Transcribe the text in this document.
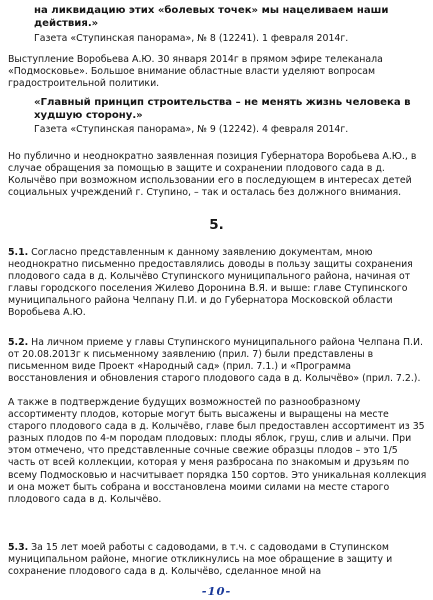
на ликвидацию этих «болевых точек» мы нацеливаем наши действия.»

Газета «Ступинская панорама», № 8 (12241). 1 февраля 2014г.

Выступление Воробьева А.Ю. 30 января 2014г в прямом эфире телеканала «Подмосковье». Большое внимание областные власти уделяют вопросам градостроительной политики.

«Главный принцип строительства – не менять жизнь человека в худшую сторону.»

Газета «Ступинская панорама», № 9 (12242). 4 февраля 2014г.

Но публично и неоднократно заявленная позиция Губернатора Воробьева А.Ю., в случае обращения за помощью в защите и сохранении плодового сада в д. Колычёво при возможном использовании его в последующем в интересах детей социальных учреждений г. Ступино, – так и осталась без должного внимания.

5.

5.1. Согласно представленным к данному заявлению документам, мною неоднократно письменно предоставлялись доводы в пользу защиты сохранения плодового сада в д. Колычёво Ступинского муниципального района, начиная от главы городского поселения Жилево Доронина В.Я. и выше: главе Ступинского муниципального района Челпану П.И. и до Губернатора Московской области Воробьева А.Ю.

5.2. На личном приеме у главы Ступинского муниципального района Челпана П.И. от 20.08.2013г к письменному заявлению (прил. 7) были представлены в письменном виде Проект «Народный сад» (прил. 7.1.) и «Программа восстановления и обновления старого плодового сада в д. Колычёво» (прил. 7.2.).

А также в подтверждение будущих возможностей по разнообразному ассортименту плодов, которые могут быть высажены и выращены на месте старого плодового сада в д. Колычёво, главе был предоставлен ассортимент из 35 разных плодов по 4-м породам плодовых: плоды яблок, груш, слив и алычи. При этом отмечено, что представленные сочные свежие образцы плодов – это 1/5 часть от всей коллекции, которая у меня разбросана по знакомым и друзьям по всему Подмосковью и насчитывает порядка 150 сортов. Это уникальная коллекция и она может быть собрана и восстановлена моими силами на месте старого плодового сада в д. Колычёво.

5.3. За 15 лет моей работы с садоводами, в т.ч. с садоводами в Ступинском муниципальном районе, многие откликнулись на мое обращение в защиту и сохранение плодового сада в д. Колычёво, сделанное мной на

-10-
